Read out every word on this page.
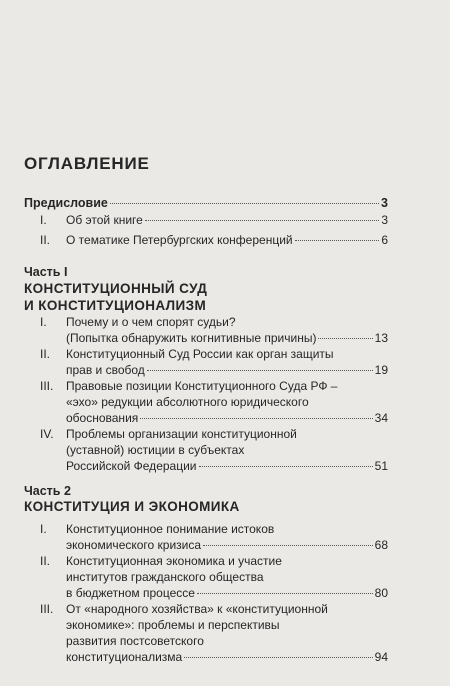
ОГЛАВЛЕНИЕ
Предисловие	3
I.	Об этой книге	3
II.	О тематике Петербургских конференций	6
I.	Почему и о чем спорят судьи?
(Попытка обнаружить когнитивные причины)	13
II.	Конституционный Суд России как орган защиты
прав и свобод	19
III.	Правовые позиции Конституционного Суда РФ –
«эхо» редукции абсолютного юридического
обоснования	34
IV.	Проблемы организации конституционной
(уставной) юстиции в субъектах
Российской Федерации	51
I.	Конституционное понимание истоков
экономического кризиса	68
II.	Конституционная экономика и участие
институтов гражданского общества
в бюджетном процессе	80
III.	От «народного хозяйства» к «конституционной
экономике»: проблемы и перспективы
развития постсоветского
конституционализма	94
Часть I
КОНСТИТУЦИОННЫЙ СУД
И КОНСТИТУЦИОНАЛИЗМ
Часть 2
КОНСТИТУЦИЯ И ЭКОНОМИКА
